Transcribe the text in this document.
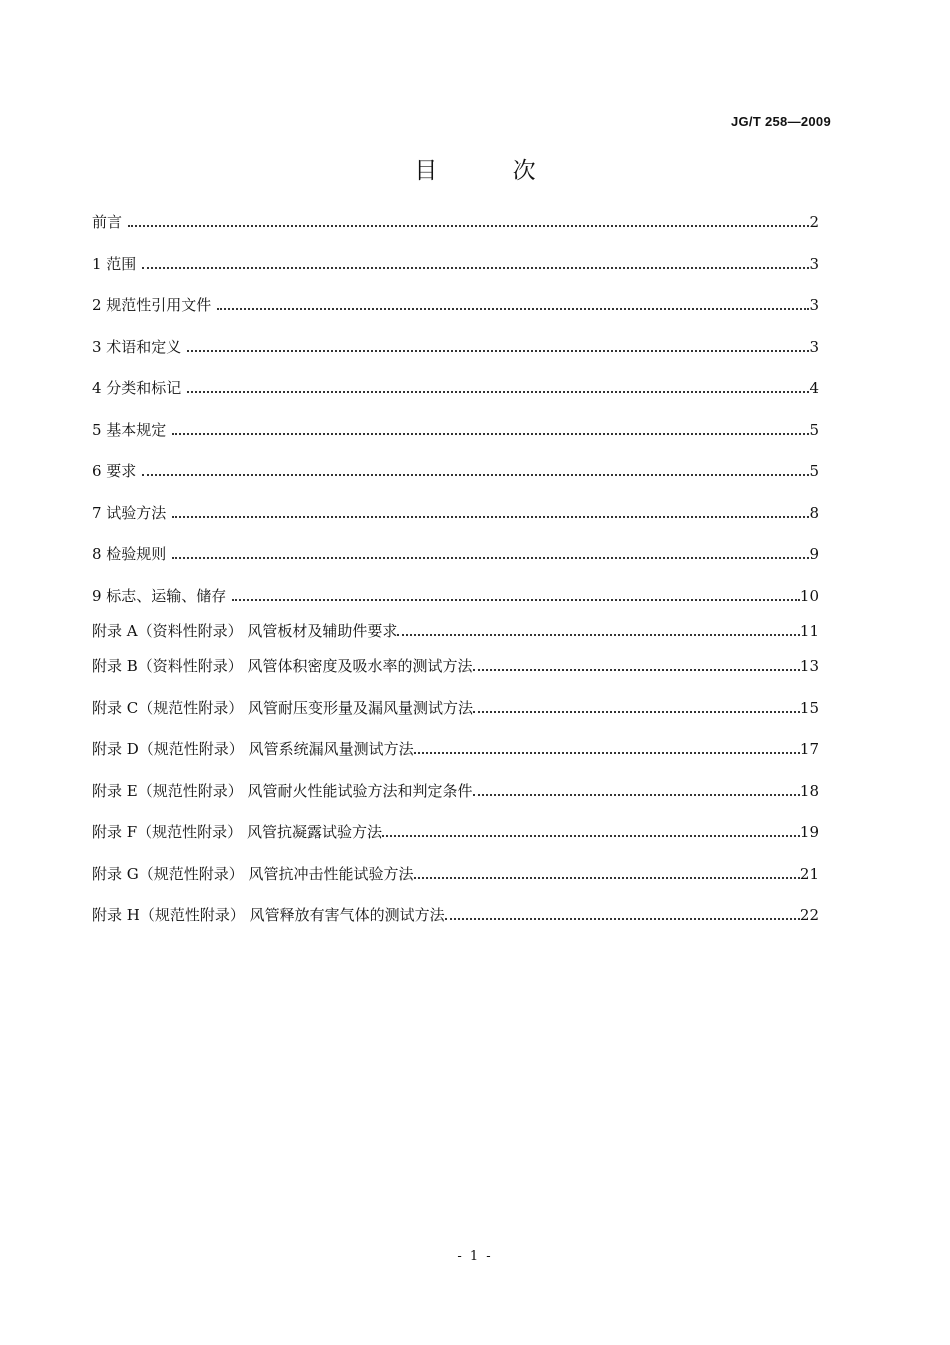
JG/T 258—2009
目 次
前言	2
1 范围	3
2 规范性引用文件	3
3 术语和定义	3
4 分类和标记	4
5 基本规定	5
6 要求	5
7 试验方法	8
8 检验规则	9
9 标志、运输、储存	10
附录 A（资料性附录） 风管板材及辅助件要求	11
附录 B（资料性附录） 风管体积密度及吸水率的测试方法	13
附录 C（规范性附录） 风管耐压变形量及漏风量测试方法	15
附录 D（规范性附录） 风管系统漏风量测试方法	17
附录 E（规范性附录） 风管耐火性能试验方法和判定条件	18
附录 F（规范性附录） 风管抗凝露试验方法	19
附录 G（规范性附录） 风管抗冲击性能试验方法	21
附录 H（规范性附录） 风管释放有害气体的测试方法	22
- 1 -
